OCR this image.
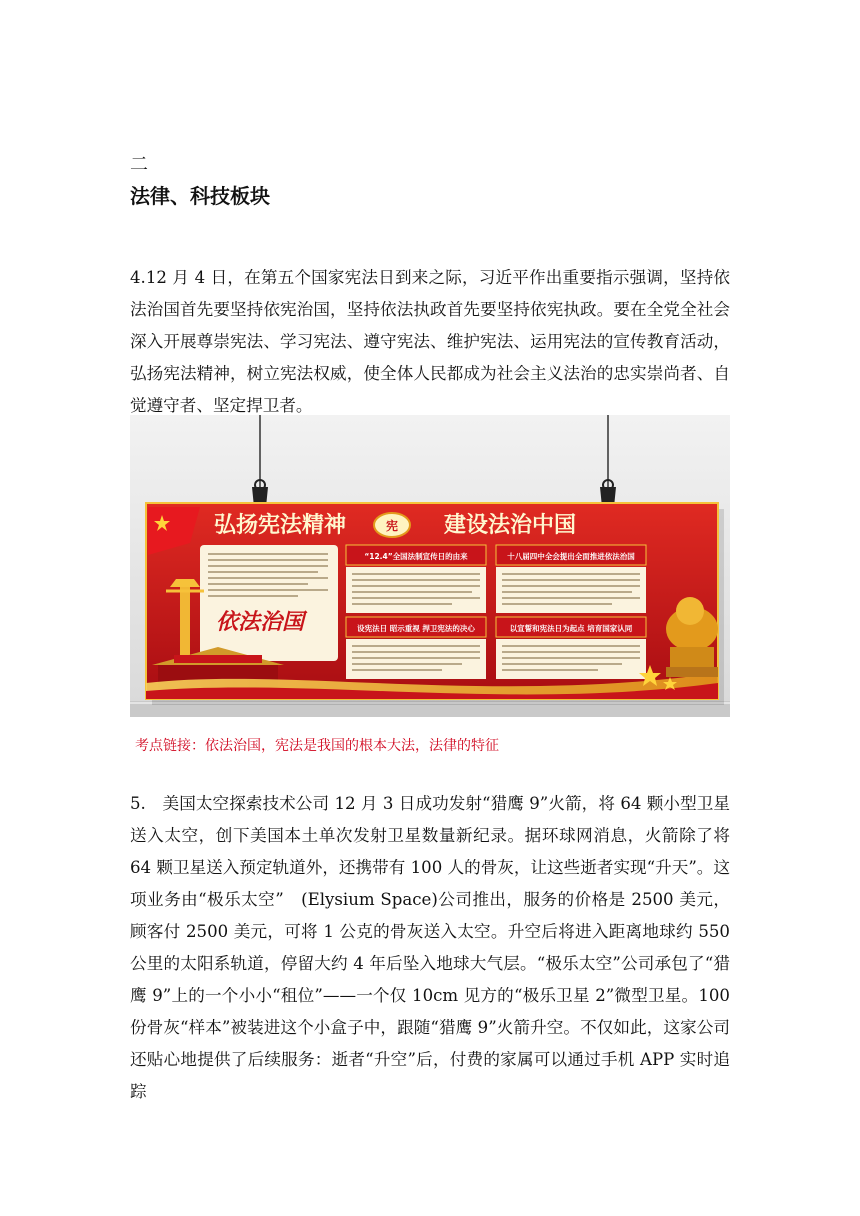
二
法律、科技板块

4.12 月 4 日，在第五个国家宪法日到来之际，习近平作出重要指示强调，坚持依法治国首先要坚持依宪治国，坚持依法执政首先要坚持依宪执政。要在全党全社会深入开展尊崇宪法、学习宪法、遵守宪法、维护宪法、运用宪法的宣传教育活动，弘扬宪法精神，树立宪法权威，使全体人民都成为社会主义法治的忠实崇尚者、自觉遵守者、坚定捍卫者。

弘扬宪法精神	宪 建设法治中国
依法治国
“12.4”全国法制宣传日的由来
设宪法日 昭示重视 捍卫宪法的决心
十八届四中全会提出全面推进依法治国
以宣誓和宪法日为起点 培育国家认同
考点链接：依法治国，宪法是我国的根本大法，法律的特征

5.　美国太空探索技术公司 12 月 3 日成功发射“猎鹰 9”火箭，将 64 颗小型卫星送入太空，创下美国本土单次发射卫星数量新纪录。据环球网消息，火箭除了将 64 颗卫星送入预定轨道外，还携带有 100 人的骨灰，让这些逝者实现“升天”。这项业务由“极乐太空”　(Elysium Space)公司推出，服务的价格是 2500 美元，顾客付 2500 美元，可将 1 公克的骨灰送入太空。升空后将进入距离地球约 550 公里的太阳系轨道，停留大约 4 年后坠入地球大气层。“极乐太空”公司承包了“猎鹰 9”上的一个小小“租位”——一个仅 10cm 见方的“极乐卫星 2”微型卫星。100 份骨灰“样本”被装进这个小盒子中，跟随“猎鹰 9”火箭升空。不仅如此，这家公司还贴心地提供了后续服务：逝者“升空”后，付费的家属可以通过手机 APP 实时追踪
